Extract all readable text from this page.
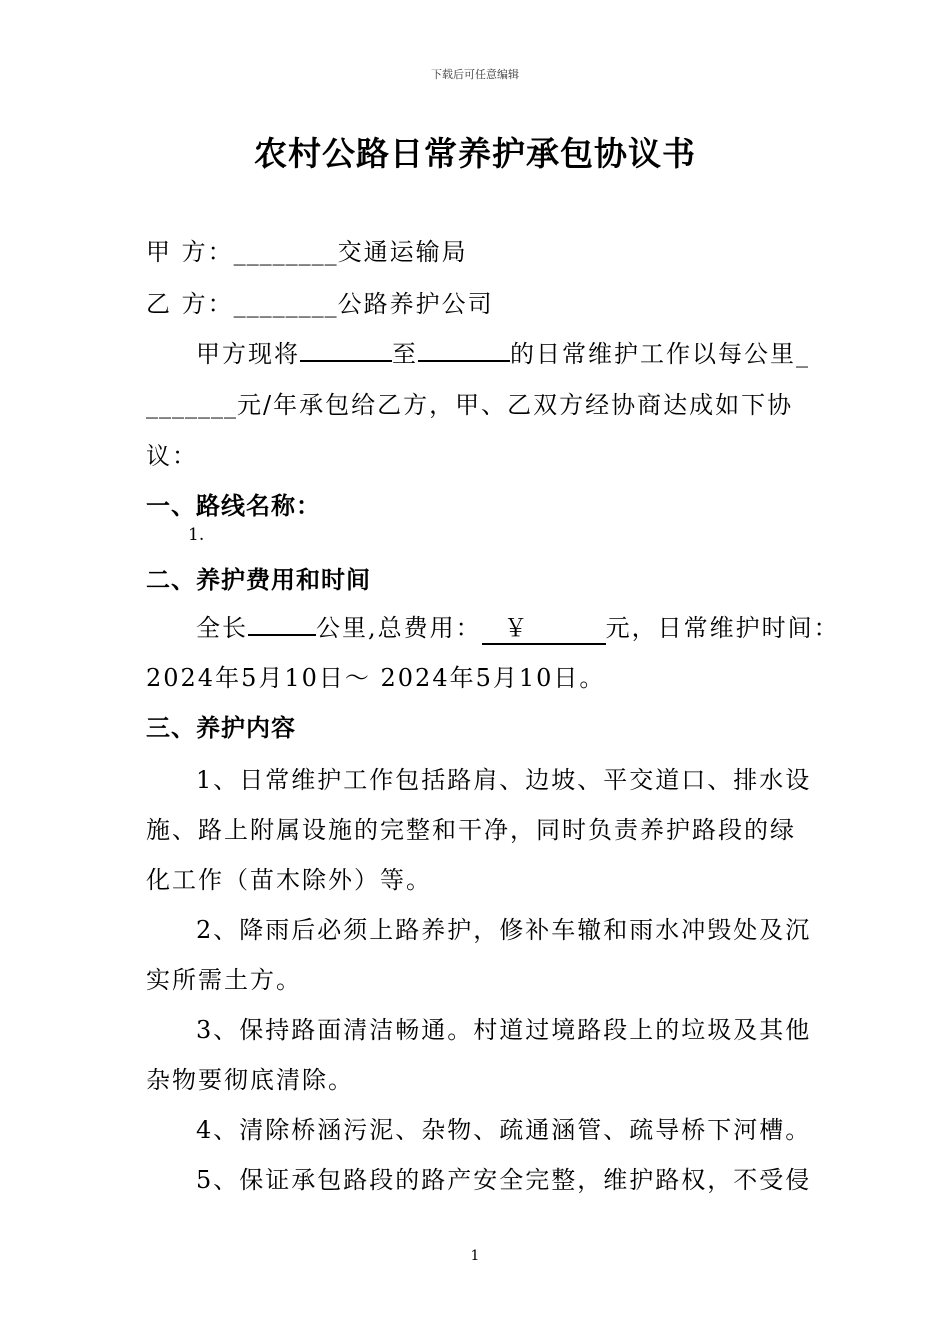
下载后可任意编辑
农村公路日常养护承包协议书
甲 方：________交通运输局
乙 方：________公路养护公司
甲方现将	至	的日常维护工作以每公里_
_______元/年承包给乙方，甲、乙双方经协商达成如下协
议：
一、路线名称：
1.
二、养护费用和时间
全长	公里,总费用： ￥	元，日常维护时间：
2024年5月10日～ 2024年5月10日。
三、养护内容
1、日常维护工作包括路肩、边坡、平交道口、排水设
施、路上附属设施的完整和干净，同时负责养护路段的绿
化工作（苗木除外）等。
2、降雨后必须上路养护，修补车辙和雨水冲毁处及沉
实所需土方。
3、保持路面清洁畅通。村道过境路段上的垃圾及其他
杂物要彻底清除。
4、清除桥涵污泥、杂物、疏通涵管、疏导桥下河槽。
5、保证承包路段的路产安全完整，维护路权，不受侵
1
